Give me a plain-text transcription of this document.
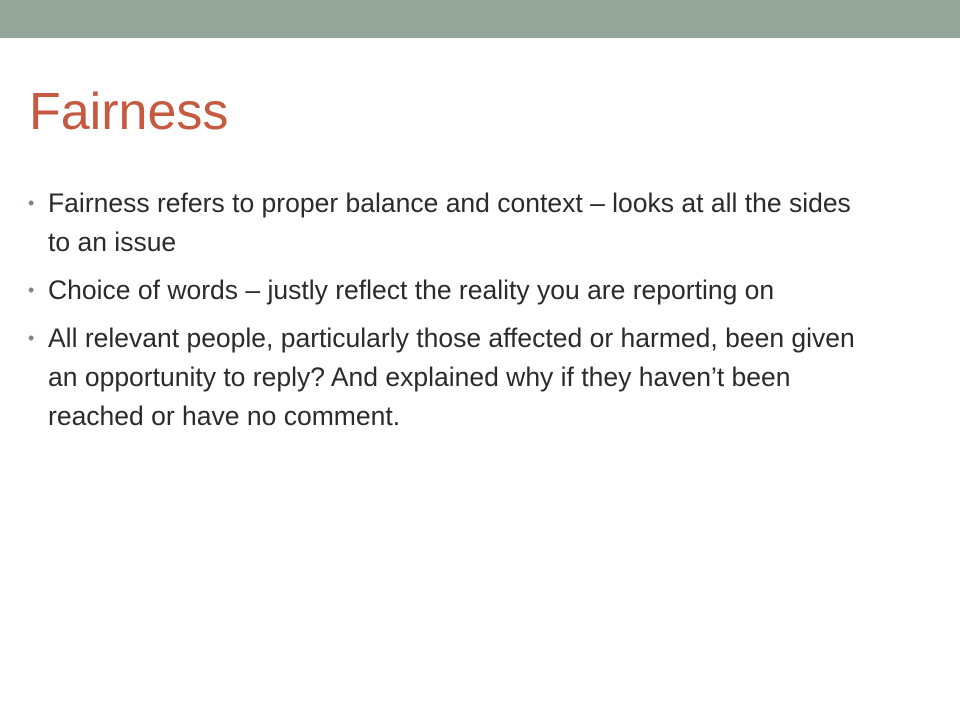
Fairness
• Fairness refers to proper balance and context – looks at all the sides to an issue
• Choice of words – justly reflect the reality you are reporting on
• All relevant people, particularly those affected or harmed, been given an opportunity to reply? And explained why if they haven’t been reached or have no comment.
